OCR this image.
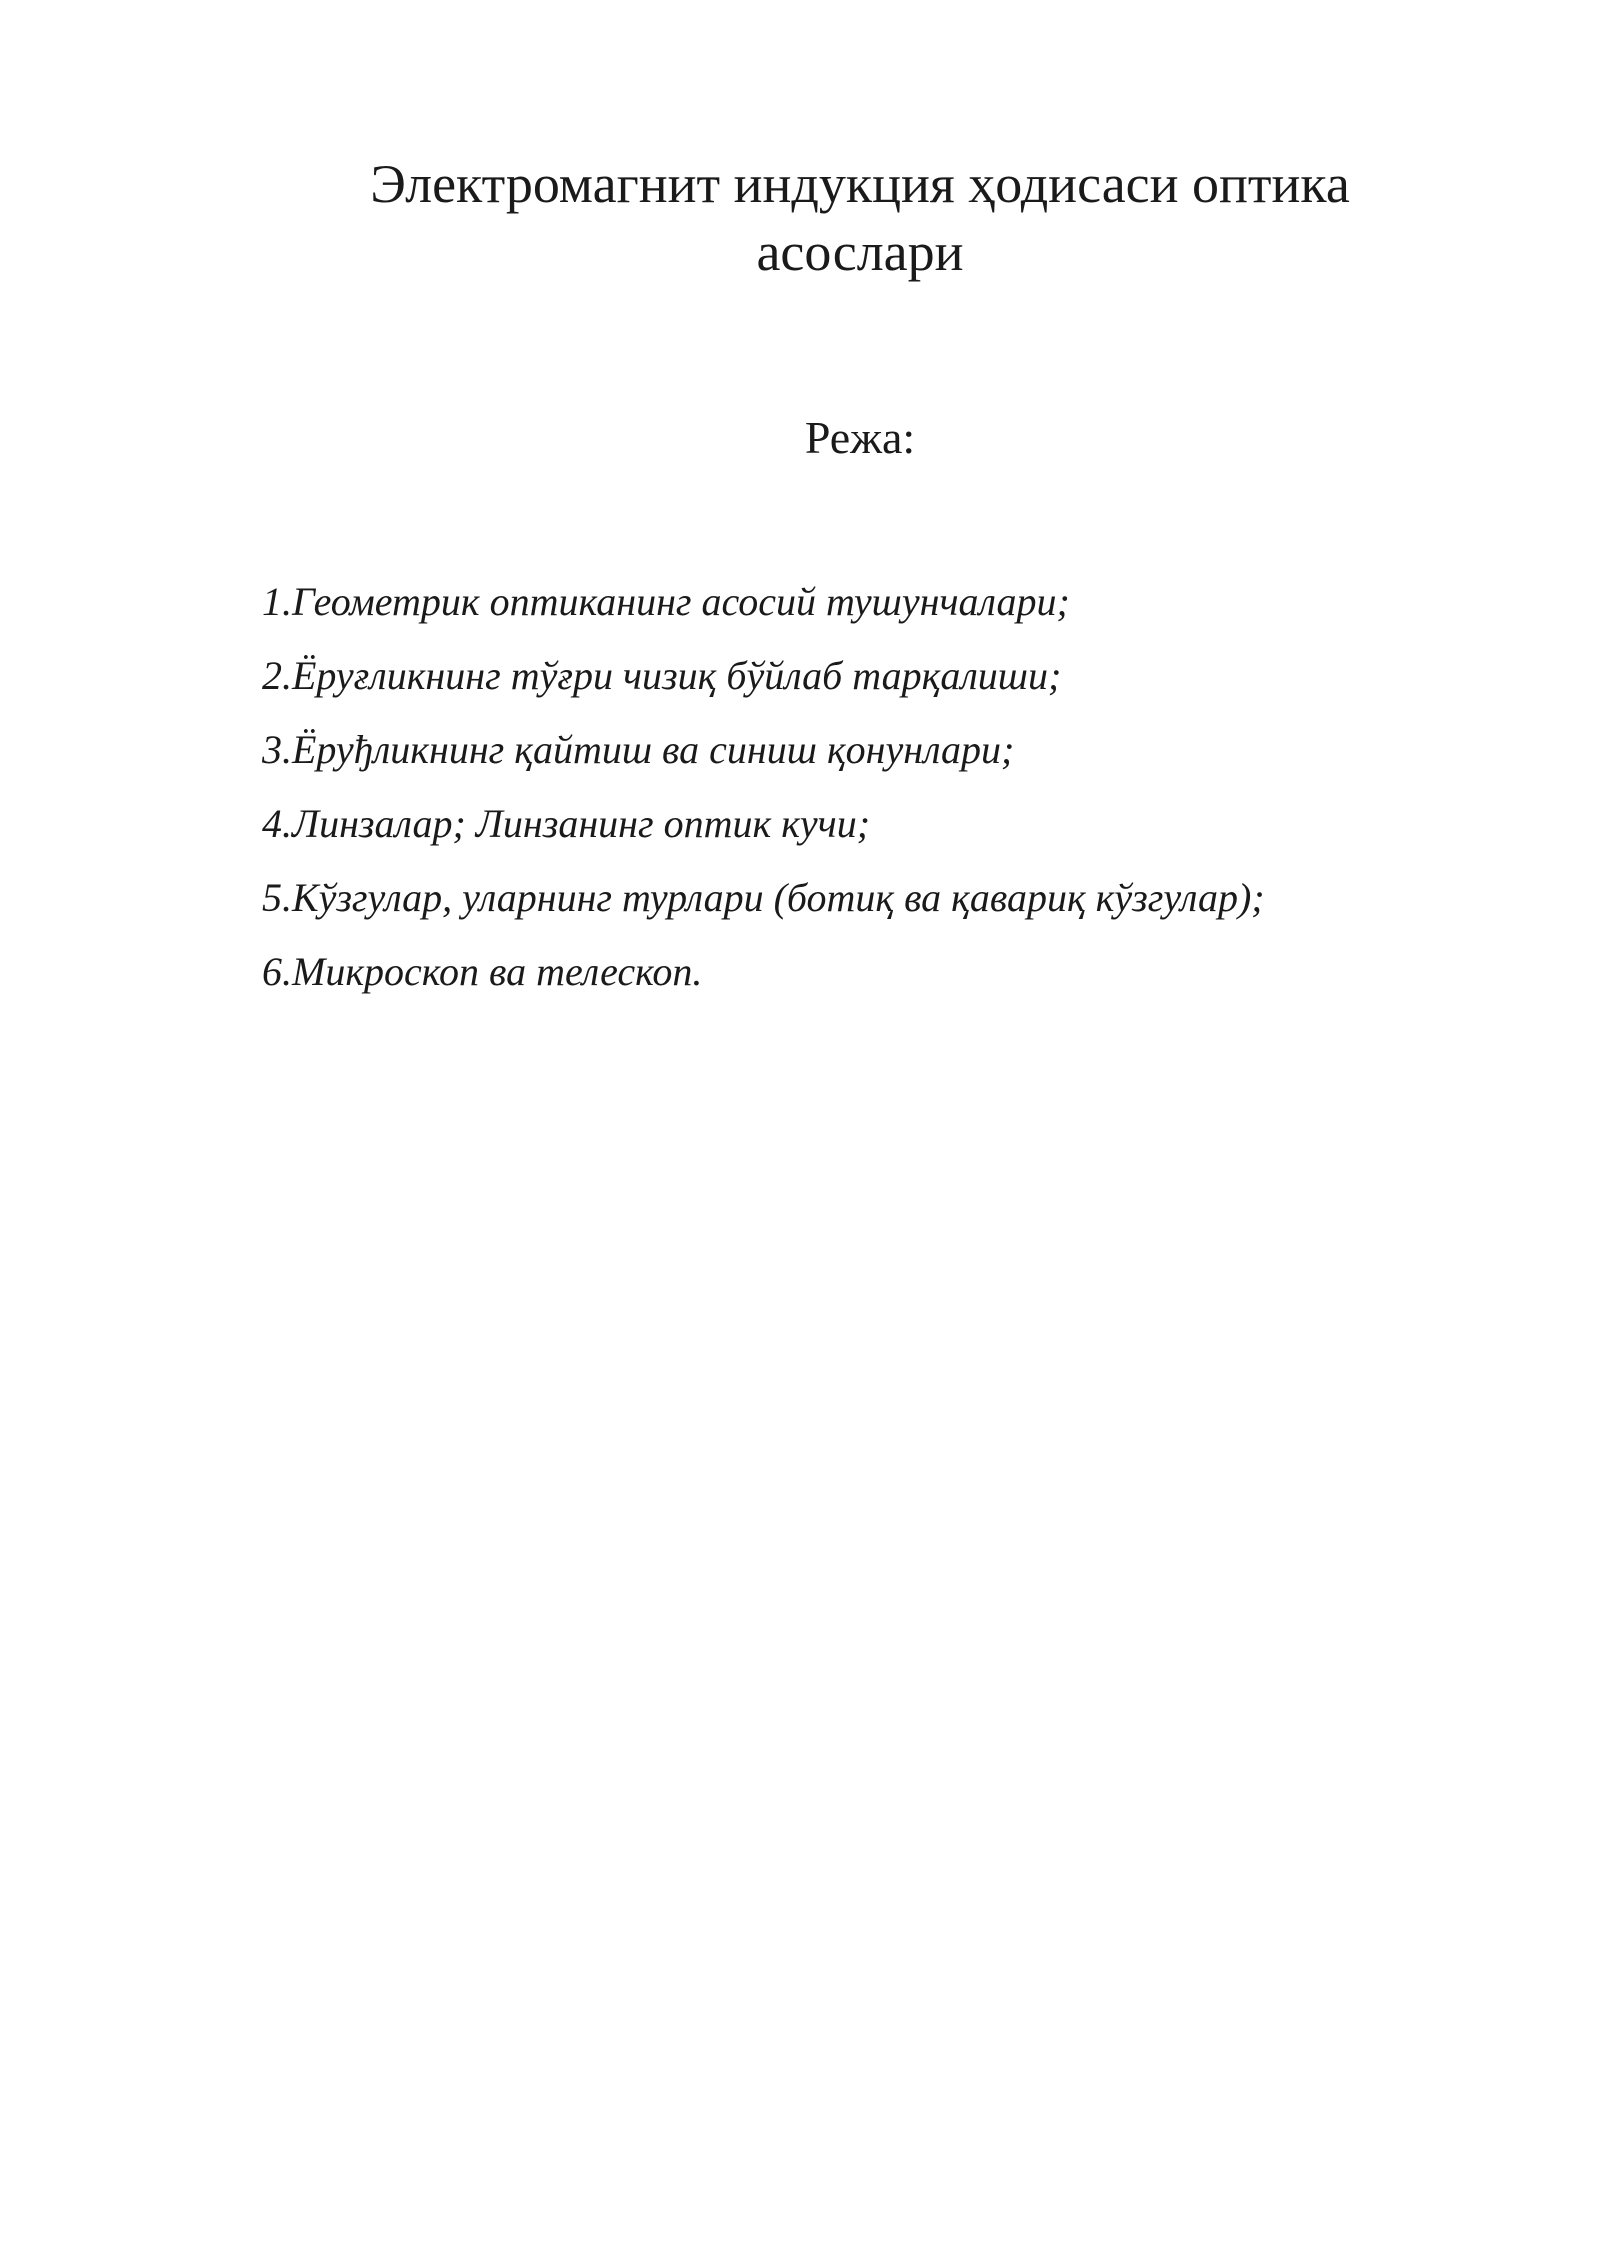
Электромагнит индукция ҳодисаси оптика
асослари
Режа:
1.Геометрик оптиканинг асосий тушунчалари;
2.Ёруғликнинг тўғри чизиқ бўйлаб тарқалиши;
3.Ёруђликнинг қайтиш ва синиш қонунлари;
4.Линзалар; Линзанинг оптик кучи;
5.Кўзгулар, уларнинг турлари (ботиқ ва қавариқ кўзгулар);
6.Микроскоп ва телескоп.
